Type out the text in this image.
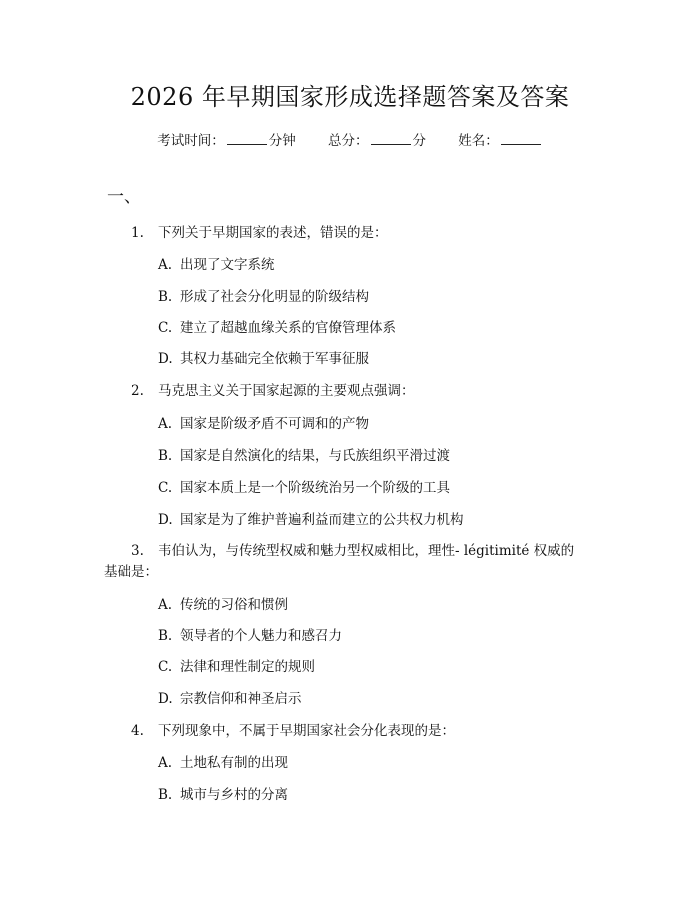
2026 年早期国家形成选择题答案及答案
考试时间：	分钟 总分：	分 姓名：
一、
1. 下列关于早期国家的表述，错误的是：
A. 出现了文字系统
B. 形成了社会分化明显的阶级结构
C. 建立了超越血缘关系的官僚管理体系
D. 其权力基础完全依赖于军事征服
2. 马克思主义关于国家起源的主要观点强调：
A. 国家是阶级矛盾不可调和的产物
B. 国家是自然演化的结果，与氏族组织平滑过渡
C. 国家本质上是一个阶级统治另一个阶级的工具
D. 国家是为了维护普遍利益而建立的公共权力机构
3. 韦伯认为，与传统型权威和魅力型权威相比，理性- légitimité 权威的
基础是：
A. 传统的习俗和惯例
B. 领导者的个人魅力和感召力
C. 法律和理性制定的规则
D. 宗教信仰和神圣启示
4. 下列现象中，不属于早期国家社会分化表现的是：
A. 土地私有制的出现
B. 城市与乡村的分离
